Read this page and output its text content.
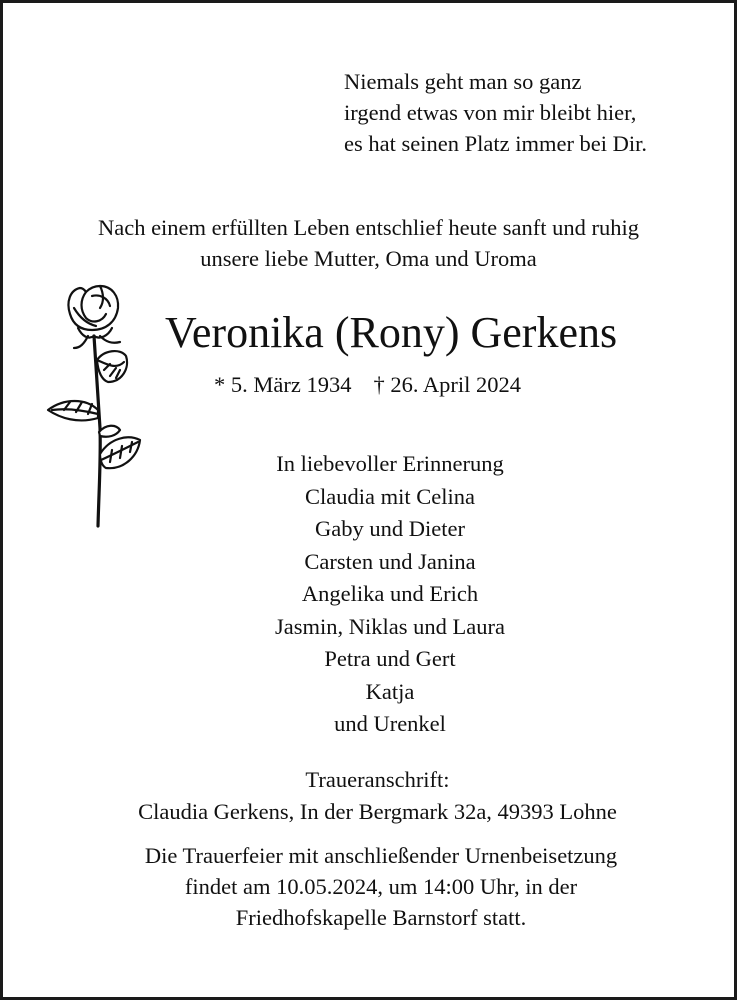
Niemals geht man so ganz
irgend etwas von mir bleibt hier,
es hat seinen Platz immer bei Dir.
Nach einem erfüllten Leben entschlief heute sanft und ruhig
unsere liebe Mutter, Oma und Uroma
Veronika (Rony) Gerkens
* 5. März 1934 † 26. April 2024
In liebevoller Erinnerung
Claudia mit Celina
Gaby und Dieter
Carsten und Janina
Angelika und Erich
Jasmin, Niklas und Laura
Petra und Gert
Katja
und Urenkel
Traueranschrift:
Claudia Gerkens, In der Bergmark 32a, 49393 Lohne
Die Trauerfeier mit anschließender Urnenbeisetzung
findet am 10.05.2024, um 14:00 Uhr, in der
Friedhofskapelle Barnstorf statt.
